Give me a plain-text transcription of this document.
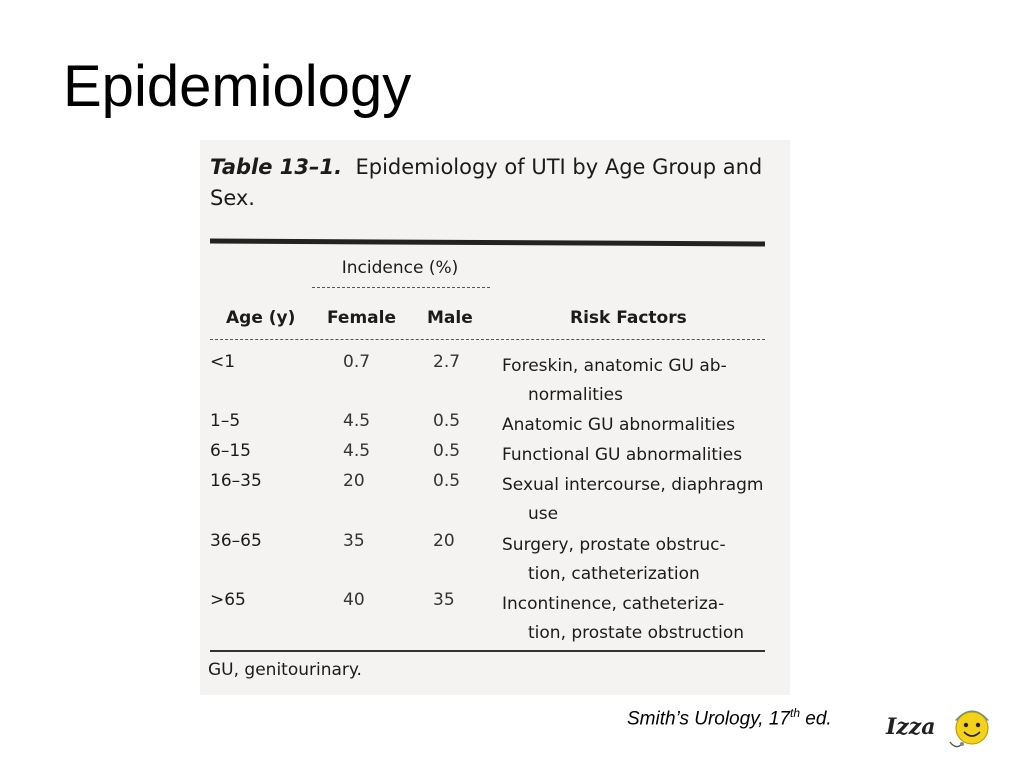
Epidemiology

Table 13–1. Epidemiology of UTI by Age Group and Sex.

Incidence (%)
Age (y) Female Male	Risk Factors
<1	0.7	2.7 Foreskin, anatomic GU ab-
normalities
1–5	4.5	0.5 Anatomic GU abnormalities
6–15	4.5	0.5 Functional GU abnormalities
16–35	20	0.5 Sexual intercourse, diaphragm
use
36–65	35	20	Surgery, prostate obstruc-
tion, catheterization
>65	40	35	Incontinence, catheteriza-
tion, prostate obstruction
GU, genitourinary.
Smith’s Urology, 17th ed. Izza
